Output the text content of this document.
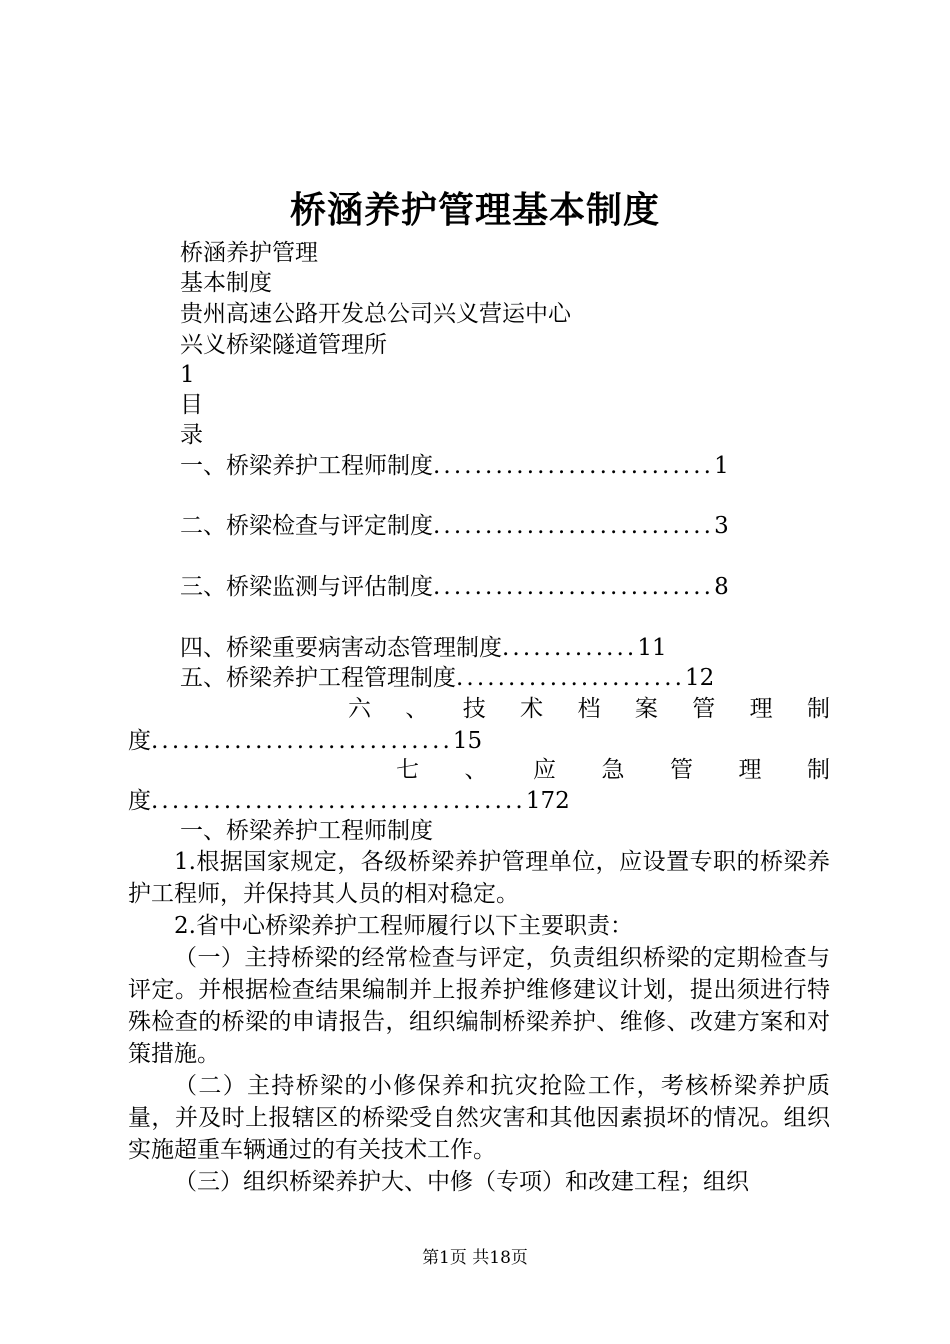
桥涵养护管理基本制度
桥涵养护管理
基本制度
贵州高速公路开发总公司兴义营运中心
兴义桥梁隧道管理所
1
目
录
一、桥梁养护工程师制度...........................1
二、桥梁检查与评定制度...........................3
三、桥梁监测与评估制度...........................8
四、桥梁重要病害动态管理制度.............11
五、桥梁养护工程管理制度......................12
六 、 技 术 档 案 管 理 制
度.............................15
七 、 应 急 管 理 制
度....................................172
一、桥梁养护工程师制度
1.根据国家规定，各级桥梁养护管理单位，应设置专职的桥梁养护工程师，并保持其人员的相对稳定。
2.省中心桥梁养护工程师履行以下主要职责：
（一）主持桥梁的经常检查与评定，负责组织桥梁的定期检查与评定。并根据检查结果编制并上报养护维修建议计划，提出须进行特殊检查的桥梁的申请报告，组织编制桥梁养护、维修、改建方案和对策措施。
（二）主持桥梁的小修保养和抗灾抢险工作，考核桥梁养护质量，并及时上报辖区的桥梁受自然灾害和其他因素损坏的情况。组织实施超重车辆通过的有关技术工作。
（三）组织桥梁养护大、中修（专项）和改建工程；组织
第1页 共18页
